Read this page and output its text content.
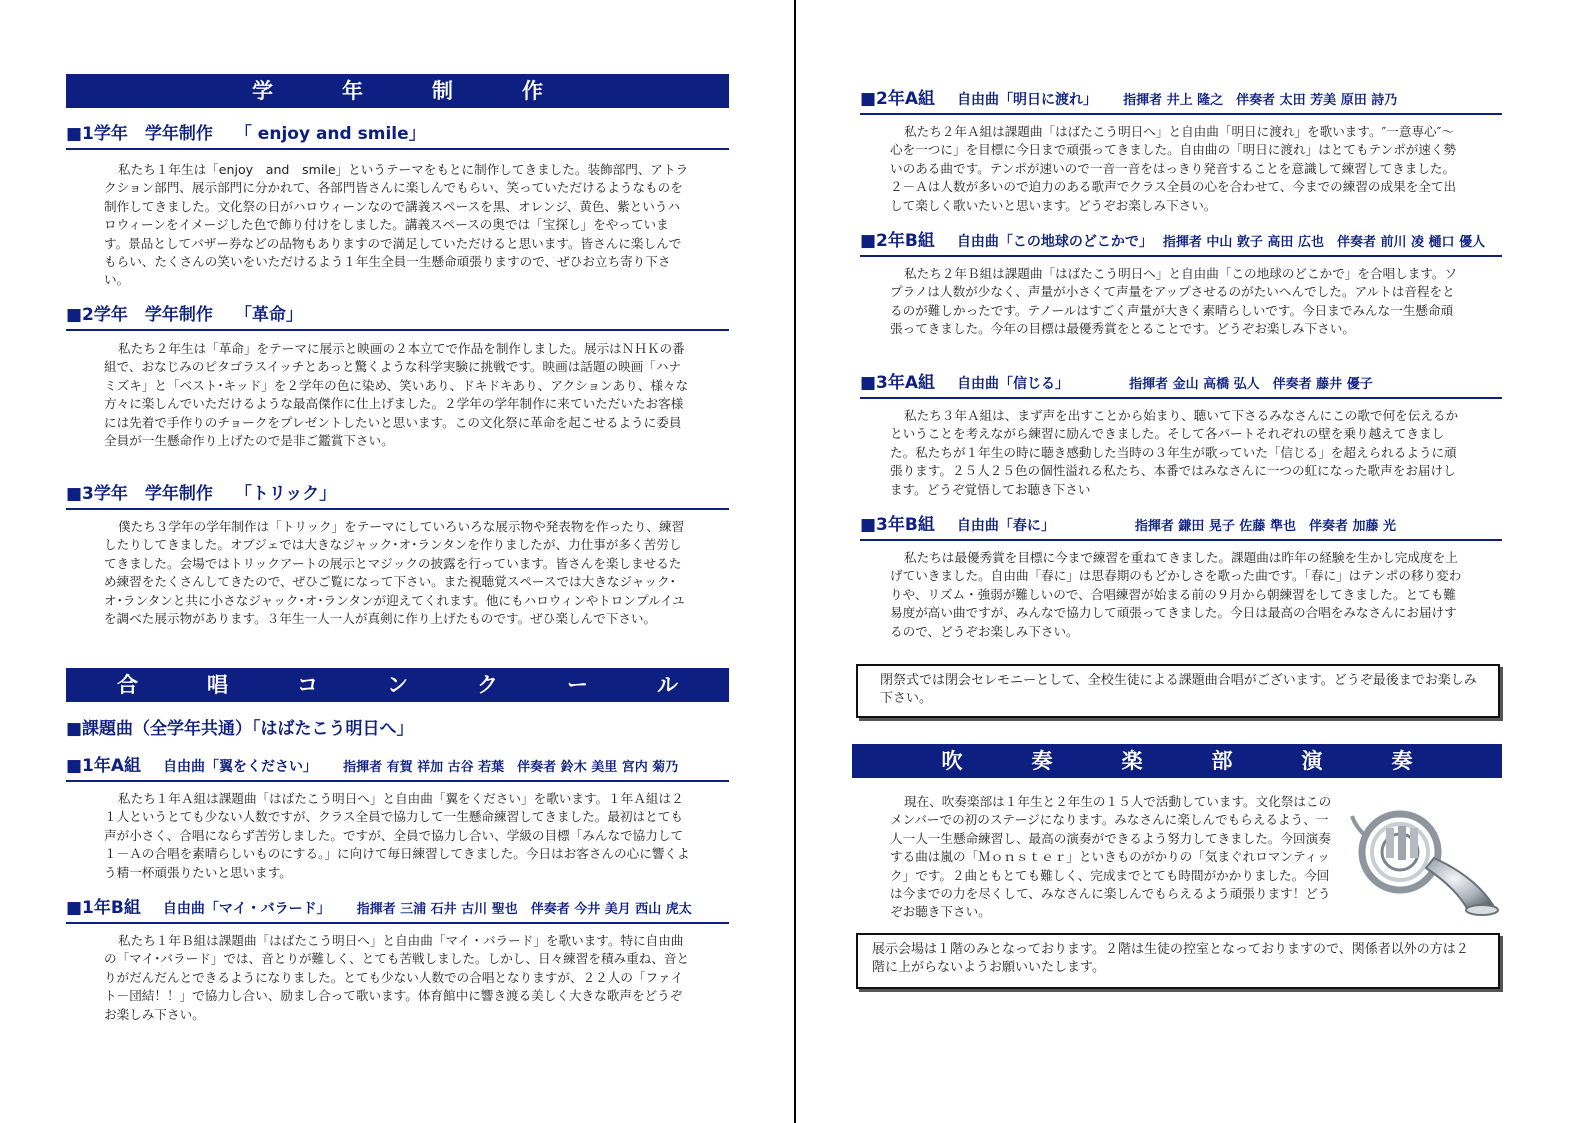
学　年　制　作
■1学年　学年制作 「 enjoy and smile」
私たち１年生は「enjoy　and　smile」というテーマをもとに制作してきました。装飾部門、アトラクション部門、展示部門に分かれて、各部門皆さんに楽しんでもらい、笑っていただけるようなものを制作してきました。文化祭の日がハロウィーンなので講義スペースを黒、オレンジ、黄色、紫というハロウィーンをイメージした色で飾り付けをしました。講義スペースの奥では「宝探し」をやっています。景品としてバザー券などの品物もありますので満足していただけると思います。皆さんに楽しんでもらい、たくさんの笑いをいただけるよう１年生全員一生懸命頑張りますので、ぜひお立ち寄り下さい。
■2学年　学年制作 「革命」
私たち２年生は「革命」をテーマに展示と映画の２本立てで作品を制作しました。展示はＮＨＫの番組で、おなじみのピタゴラスイッチとあっと驚くような科学実験に挑戦です。映画は話題の映画「ハナミズキ」と「ベスト･キッド」を２学年の色に染め、笑いあり、ドキドキあり、アクションあり、様々な方々に楽しんでいただけるような最高傑作に仕上げました。２学年の学年制作に来ていただいたお客様には先着で手作りのチョークをプレゼントしたいと思います。この文化祭に革命を起こせるように委員全員が一生懸命作り上げたので是非ご鑑賞下さい。
■3学年　学年制作 「トリック」
僕たち３学年の学年制作は「トリック」をテーマにしていろいろな展示物や発表物を作ったり、練習したりしてきました。オブジェでは大きなジャック･オ･ランタンを作りましたが、力仕事が多く苦労してきました。会場ではトリックアートの展示とマジックの披露を行っています。皆さんを楽しませるため練習をたくさんしてきたので、ぜひご覧になって下さい。また視聴覚スペースでは大きなジャック･オ･ランタンと共に小さなジャック･オ･ランタンが迎えてくれます。他にもハロウィンやトロンプルイユを調べた展示物があります。３年生一人一人が真剣に作り上げたものです。ぜひ楽しんで下さい。
合　唱　コ　ン　ク　ー　ル
■課題曲（全学年共通）「はばたこう明日へ」
■1年A組 自由曲「翼をください」 指揮者 有賀 祥加 古谷 若葉　伴奏者 鈴木 美里 宮内 菊乃
私たち１年Ａ組は課題曲「はばたこう明日へ」と自由曲「翼をください」を歌います。１年Ａ組は２１人というとても少ない人数ですが、クラス全員で協力して一生懸命練習してきました。最初はとても声が小さく、合唱にならず苦労しました。ですが、全員で協力し合い、学級の目標「みんなで協力して１－Ａの合唱を素晴らしいものにする。」に向けて毎日練習してきました。今日はお客さんの心に響くよう精一杯頑張りたいと思います。
■1年B組 自由曲「マイ・バラード」 指揮者 三浦 石井 古川 聖也　伴奏者 今井 美月 西山 虎太
私たち１年Ｂ組は課題曲「はばたこう明日へ」と自由曲「マイ・バラード」を歌います。特に自由曲の「マイ･バラード」では、音とりが難しく、とても苦戦しました。しかし、日々練習を積み重ね、音とりがだんだんとできるようになりました。とても少ない人数での合唱となりますが、２２人の「ファイト－団結！！」で協力し合い、励まし合って歌います。体育館中に響き渡る美しく大きな歌声をどうぞお楽しみ下さい。
■2年A組 自由曲「明日に渡れ」 指揮者 井上 隆之　伴奏者 太田 芳美 原田 詩乃
私たち２年Ａ組は課題曲「はばたこう明日へ」と自由曲「明日に渡れ」を歌います。″一意専心″～心を一つに」を目標に今日まで頑張ってきました。自由曲の「明日に渡れ」はとてもテンポが速く勢いのある曲です。テンポが速いので一音一音をはっきり発音することを意識して練習してきました。２－Ａは人数が多いので迫力のある歌声でクラス全員の心を合わせて、今までの練習の成果を全て出して楽しく歌いたいと思います。どうぞお楽しみ下さい。
■2年B組 自由曲「この地球のどこかで」 指揮者 中山 敦子 高田 広也　伴奏者 前川 凌 樋口 優人
私たち２年Ｂ組は課題曲「はばたこう明日へ」と自由曲「この地球のどこかで」を合唱します。ソプラノは人数が少なく、声量が小さくて声量をアップさせるのがたいへんでした。アルトは音程をとるのが難しかったです。テノールはすごく声量が大きく素晴らしいです。今日までみんな一生懸命頑張ってきました。今年の目標は最優秀賞をとることです。どうぞお楽しみ下さい。
■3年A組 自由曲「信じる」	指揮者 金山 高橋 弘人　伴奏者 藤井 優子
私たち３年Ａ組は、まず声を出すことから始まり、聴いて下さるみなさんにこの歌で何を伝えるかということを考えながら練習に励んできました。そして各パートそれぞれの壁を乗り越えてきました。私たちが１年生の時に聴き感動した当時の３年生が歌っていた「信じる」を超えられるように頑張ります。２５人２５色の個性溢れる私たち、本番ではみなさんに一つの虹になった歌声をお届けします。どうぞ覚悟してお聴き下さい
■3年B組 自由曲「春に」	指揮者 鎌田 晃子 佐藤 準也　伴奏者 加藤 光
私たちは最優秀賞を目標に今まで練習を重ねてきました。課題曲は昨年の経験を生かし完成度を上げていきました。自由曲「春に」は思春期のもどかしさを歌った曲です。「春に」はテンポの移り変わりや、リズム・強弱が難しいので、合唱練習が始まる前の９月から朝練習をしてきました。とても難易度が高い曲ですが、みんなで協力して頑張ってきました。今日は最高の合唱をみなさんにお届けするので、どうぞお楽しみ下さい。
閉祭式では閉会セレモニーとして、全校生徒による課題曲合唱がございます。どうぞ最後までお楽しみ下さい。
吹　奏　楽　部　演　奏
現在、吹奏楽部は１年生と２年生の１５人で活動しています。文化祭はこのメンバーでの初のステージになります。みなさんに楽しんでもらえるよう、一人一人一生懸命練習し、最高の演奏ができるよう努力してきました。今回演奏する曲は嵐の「Ｍｏｎｓｔｅｒ」といきものがかりの「気まぐれロマンティック」です。２曲ともとても難しく、完成までとても時間がかかりました。今回は今までの力を尽くして、みなさんに楽しんでもらえるよう頑張ります！どうぞお聴き下さい。
展示会場は１階のみとなっております。２階は生徒の控室となっておりますので、関係者以外の方は２階に上がらないようお願いいたします。
